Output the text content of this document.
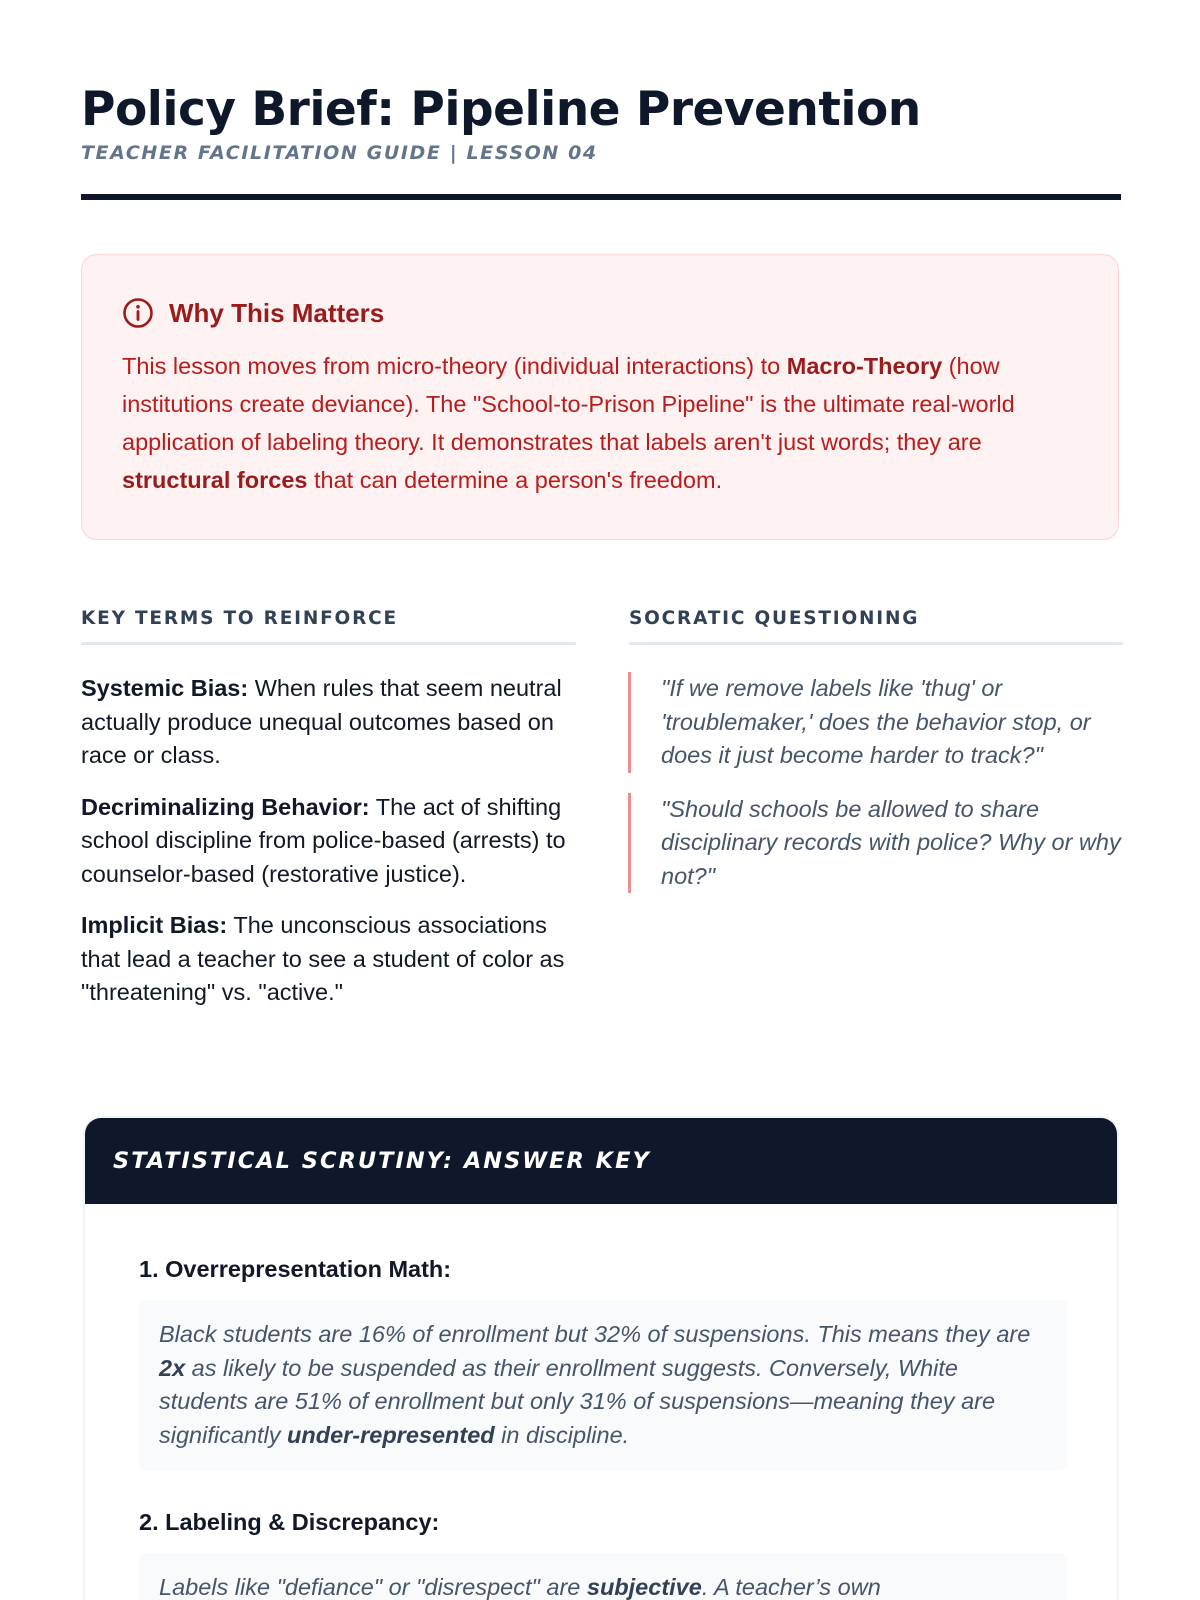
Policy Brief: Pipeline Prevention

TEACHER FACILITATION GUIDE | LESSON 04

Why This Matters

This lesson moves from micro-theory (individual interactions) to Macro-Theory (how institutions create deviance). The "School-to-Prison Pipeline" is the ultimate real-world application of labeling theory. It demonstrates that labels aren't just words; they are structural forces that can determine a person's freedom.

KEY TERMS TO REINFORCE	SOCRATIC QUESTIONING

Systemic Bias: When rules that seem neutral actually produce unequal outcomes based on race or class.

Decriminalizing Behavior: The act of shifting school discipline from police-based (arrests) to counselor-based (restorative justice).

Implicit Bias: The unconscious associations that lead a teacher to see a student of color as "threatening" vs. "active."

"If we remove labels like 'thug' or 'troublemaker,' does the behavior stop, or does it just become harder to track?"

"Should schools be allowed to share disciplinary records with police? Why or why not?"

STATISTICAL SCRUTINY: ANSWER KEY

1. Overrepresentation Math:

Black students are 16% of enrollment but 32% of suspensions. This means they are 2x as likely to be suspended as their enrollment suggests. Conversely, White students are 51% of enrollment but only 31% of suspensions—meaning they are significantly under-represented in discipline.

2. Labeling & Discrepancy:

Labels like "defiance" or "disrespect" are subjective. A teacher’s own
